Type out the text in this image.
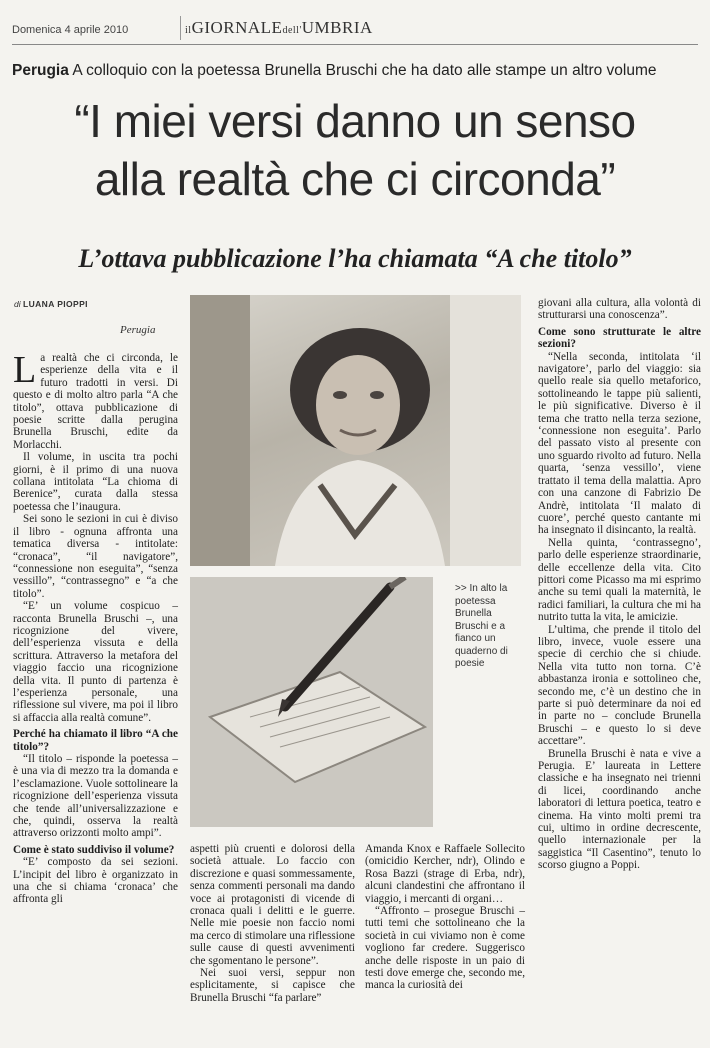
Domenica 4 aprile 2010	ilGIORNALEdell'UMBRIA
Perugia A colloquio con la poetessa Brunella Bruschi che ha dato alle stampe un altro volume
“I miei versi danno un senso
alla realtà che ci circonda”
L’ottava pubblicazione l’ha chiamata “A che titolo”
di LUANA PIOPPI
Perugia

La realtà che ci circonda, le esperienze della vita e il futuro tradotti in versi. Di questo e di molto altro parla “A che titolo”, ottava pubblicazione di poesie scritte dalla perugina Brunella Bruschi, edite da Morlacchi.

Il volume, in uscita tra pochi giorni, è il primo di una nuova collana intitolata “La chioma di Berenice”, curata dalla stessa poetessa che l’inaugura.

Sei sono le sezioni in cui è diviso il libro - ognuna affronta una tematica diversa - intitolate: “cronaca”, “il navigatore”, “connessione non eseguita”, “senza vessillo”, “contrassegno” e “a che titolo”.

“E’ un volume cospicuo – racconta Brunella Bruschi –, una ricognizione del vivere, dell’esperienza vissuta e della scrittura. Attraverso la metafora del viaggio faccio una ricognizione della vita. Il punto di partenza è l’esperienza personale, una riflessione sul vivere, ma poi il libro si affaccia alla realtà comune”.

Perché ha chiamato il libro “A che titolo”?

“Il titolo – risponde la poetessa – è una via di mezzo tra la domanda e l’esclamazione. Vuole sottolineare la ricognizione dell’esperienza vissuta che tende all’universalizzazione e che, quindi, osserva la realtà attraverso orizzonti molto ampi”.

Come è stato suddiviso il volume?

“E’ composto da sei sezioni. L’incipit del libro è organizzato in una che si chiama ‘cronaca’ che affronta gli

>> In alto la poetessa Brunella Bruschi e a fianco un quaderno di poesie

aspetti più cruenti e dolorosi della società attuale. Lo faccio con discrezione e quasi sommessamente, senza commenti personali ma dando voce ai protagonisti di vicende di cronaca quali i delitti e le guerre. Nelle mie poesie non faccio nomi ma cerco di stimolare una riflessione sulle cause di questi avvenimenti che sgomentano le persone”.

Nei suoi versi, seppur non esplicitamente, si capisce che Brunella Bruschi “fa parlare”

Amanda Knox e Raffaele Sollecito (omicidio Kercher, ndr), Olindo e Rosa Bazzi (strage di Erba, ndr), alcuni clandestini che affrontano il viaggio, i mercanti di organi…

“Affronto – prosegue Bruschi – tutti temi che sottolineano che la società in cui viviamo non è come vogliono far credere. Suggerisco anche delle risposte in un paio di testi dove emerge che, secondo me, manca la curiosità dei

giovani alla cultura, alla volontà di strutturarsi una conoscenza”.

Come sono strutturate le altre sezioni?

“Nella seconda, intitolata ‘il navigatore’, parlo del viaggio: sia quello reale sia quello metaforico, sottolineando le tappe più salienti, le più significative. Diverso è il tema che tratto nella terza sezione, ‘connessione non eseguita’. Parlo del passato visto al presente con uno sguardo rivolto ad futuro. Nella quarta, ‘senza vessillo’, viene trattato il tema della malattia. Apro con una canzone di Fabrizio De Andrè, intitolata ‘Il malato di cuore’, perché questo cantante mi ha insegnato il disincanto, la realtà.

Nella quinta, ‘contrassegno’, parlo delle esperienze straordinarie, delle eccellenze della vita. Cito pittori come Picasso ma mi esprimo anche su temi quali la maternità, le radici familiari, la cultura che mi ha nutrito tutta la vita, le amicizie.

L’ultima, che prende il titolo del libro, invece, vuole essere una specie di cerchio che si chiude. Nella vita tutto non torna. C’è abbastanza ironia e sottolineo che, secondo me, c’è un destino che in parte si può determinare da noi ed in parte no – conclude Brunella Bruschi – e questo lo si deve accettare”.

Brunella Bruschi è nata e vive a Perugia. E’ laureata in Lettere classiche e ha insegnato nei trienni di licei, coordinando anche laboratori di lettura poetica, teatro e cinema. Ha vinto molti premi tra cui, ultimo in ordine decrescente, quello internazionale per la saggistica “Il Casentino”, tenuto lo scorso giugno a Poppi.
